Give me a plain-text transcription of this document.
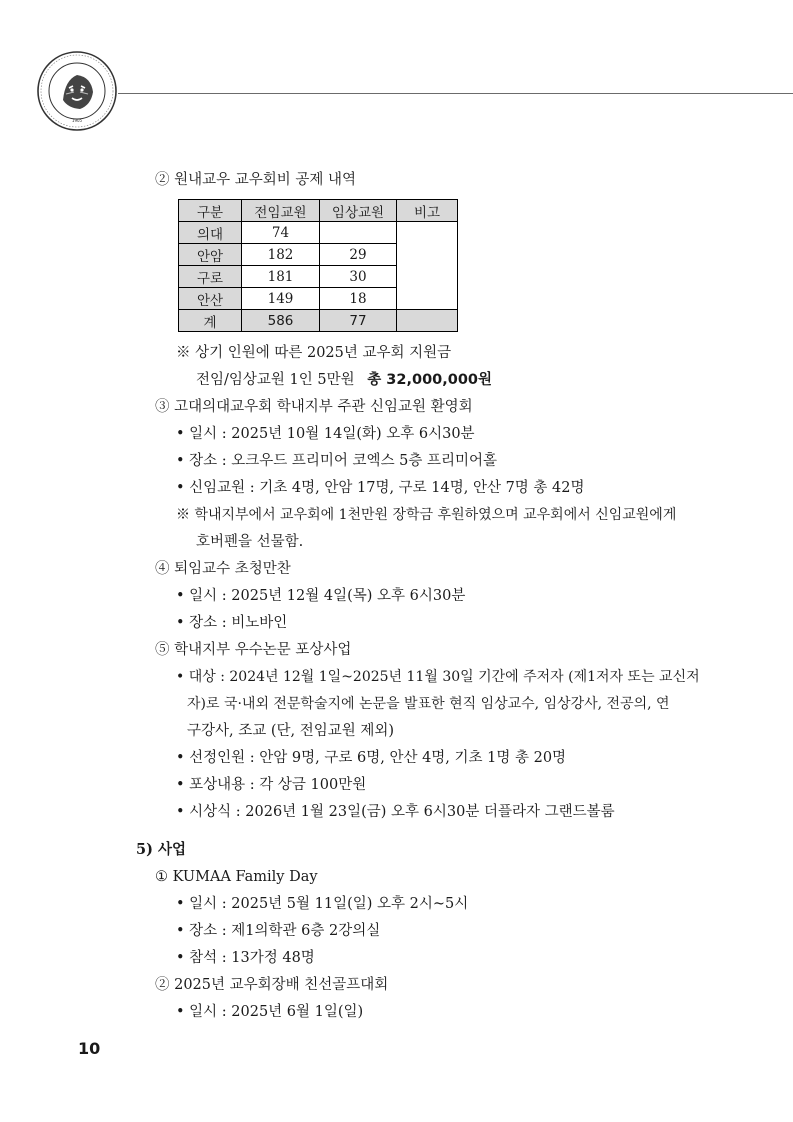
1905
② 원내교우 교우회비 공제 내역
구분	전임교원	임상교원	비고
의대	74		
안암	182	29	
구로	181	30	
안산	149	18	
계	586	77	
※ 상기 인원에 따른 2025년 교우회 지원금
전임/임상교원 1인 5만원 총 32,000,000원
③ 고대의대교우회 학내지부 주관 신임교원 환영회
• 일시 : 2025년 10월 14일(화) 오후 6시30분
• 장소 : 오크우드 프리미어 코엑스 5층 프리미어홀
• 신임교원 : 기초 4명, 안암 17명, 구로 14명, 안산 7명 총 42명
※ 학내지부에서 교우회에 1천만원 장학금 후원하였으며 교우회에서 신임교원에게
호버펜을 선물함.
④ 퇴임교수 초청만찬
• 일시 : 2025년 12월 4일(목) 오후 6시30분
• 장소 : 비노바인
⑤ 학내지부 우수논문 포상사업
• 대상 : 2024년 12월 1일~2025년 11월 30일 기간에 주저자 (제1저자 또는 교신저
자)로 국·내외 전문학술지에 논문을 발표한 현직 임상교수, 임상강사, 전공의, 연
구강사, 조교 (단, 전임교원 제외)
• 선정인원 : 안암 9명, 구로 6명, 안산 4명, 기초 1명 총 20명
• 포상내용 : 각 상금 100만원
• 시상식 : 2026년 1월 23일(금) 오후 6시30분 더플라자 그랜드볼룸
5) 사업
① KUMAA Family Day
• 일시 : 2025년 5월 11일(일) 오후 2시~5시
• 장소 : 제1의학관 6층 2강의실
• 참석 : 13가정 48명
② 2025년 교우회장배 친선골프대회
• 일시 : 2025년 6월 1일(일)
10
